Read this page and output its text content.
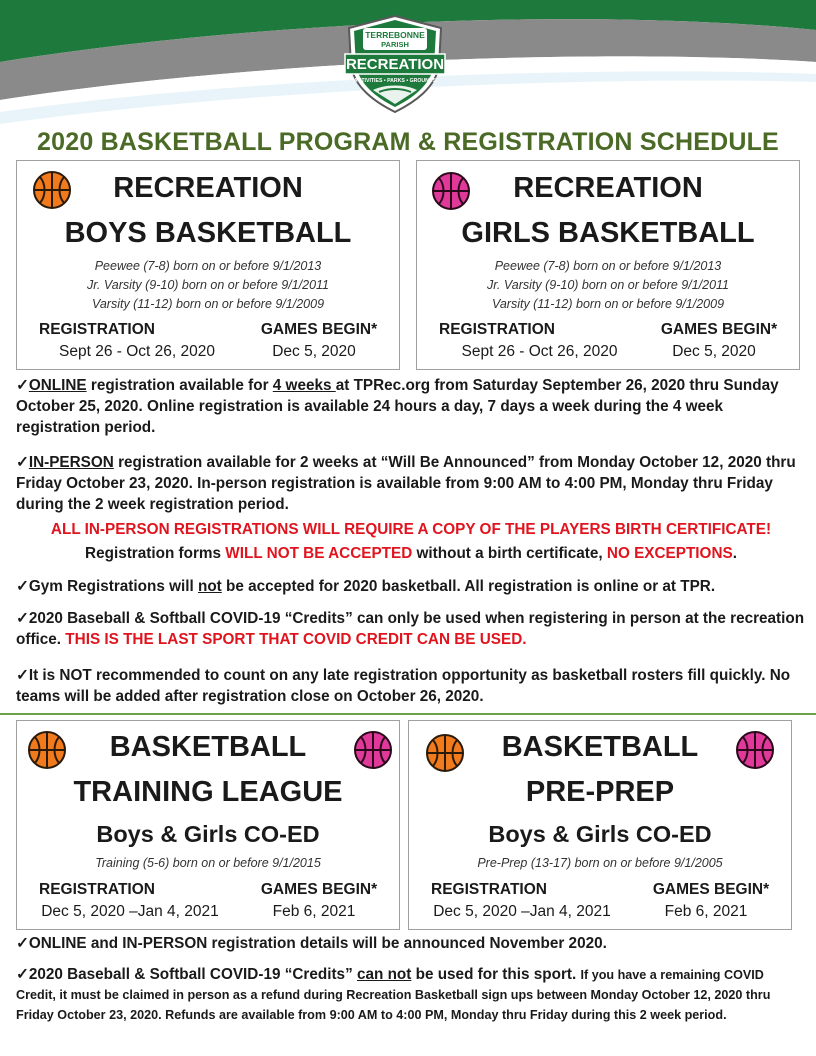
TERREBONNE
PARISH
RECREATION
ACTIVITIES • PARKS • GROUNDS
2020 BASKETBALL PROGRAM & REGISTRATION SCHEDULE
RECREATION
BOYS BASKETBALL
Peewee (7-8) born on or before 9/1/2013
Jr. Varsity (9-10) born on or before 9/1/2011
Varsity (11-12) born on or before 9/1/2009
REGISTRATION	GAMES BEGIN*
Sept 26 - Oct 26, 2020	Dec 5, 2020
RECREATION
GIRLS BASKETBALL
Peewee (7-8) born on or before 9/1/2013
Jr. Varsity (9-10) born on or before 9/1/2011
Varsity (11-12) born on or before 9/1/2009
REGISTRATION	GAMES BEGIN*
Sept 26 - Oct 26, 2020	Dec 5, 2020
✓ONLINE registration available for 4 weeks at TPRec.org from Saturday September 26, 2020 thru Sunday October 25, 2020. Online registration is available 24 hours a day, 7 days a week during the 4 week registration period.
✓IN-PERSON registration available for 2 weeks at “Will Be Announced” from Monday October 12, 2020 thru Friday October 23, 2020. In-person registration is available from 9:00 AM to 4:00 PM, Monday thru Friday during the 2 week registration period.
ALL IN-PERSON REGISTRATIONS WILL REQUIRE A COPY OF THE PLAYERS BIRTH CERTIFICATE!
Registration forms WILL NOT BE ACCEPTED without a birth certificate, NO EXCEPTIONS.
✓Gym Registrations will not be accepted for 2020 basketball. All registration is online or at TPR.
✓2020 Baseball & Softball COVID-19 “Credits” can only be used when registering in person at the recreation office. THIS IS THE LAST SPORT THAT COVID CREDIT CAN BE USED.
✓It is NOT recommended to count on any late registration opportunity as basketball rosters fill quickly. No teams will be added after registration close on October 26, 2020.
BASKETBALL
TRAINING LEAGUE
Boys & Girls CO-ED
Training (5-6) born on or before 9/1/2015
REGISTRATION	GAMES BEGIN*
Dec 5, 2020 –Jan 4, 2021	Feb 6, 2021
BASKETBALL
PRE-PREP
Boys & Girls CO-ED
Pre-Prep (13-17) born on or before 9/1/2005
REGISTRATION	GAMES BEGIN*
Dec 5, 2020 –Jan 4, 2021	Feb 6, 2021
✓ONLINE and IN-PERSON registration details will be announced November 2020.
✓2020 Baseball & Softball COVID-19 “Credits” can not be used for this sport. If you have a remaining COVID Credit, it must be claimed in person as a refund during Recreation Basketball sign ups between Monday October 12, 2020 thru Friday October 23, 2020. Refunds are available from 9:00 AM to 4:00 PM, Monday thru Friday during this 2 week period.
